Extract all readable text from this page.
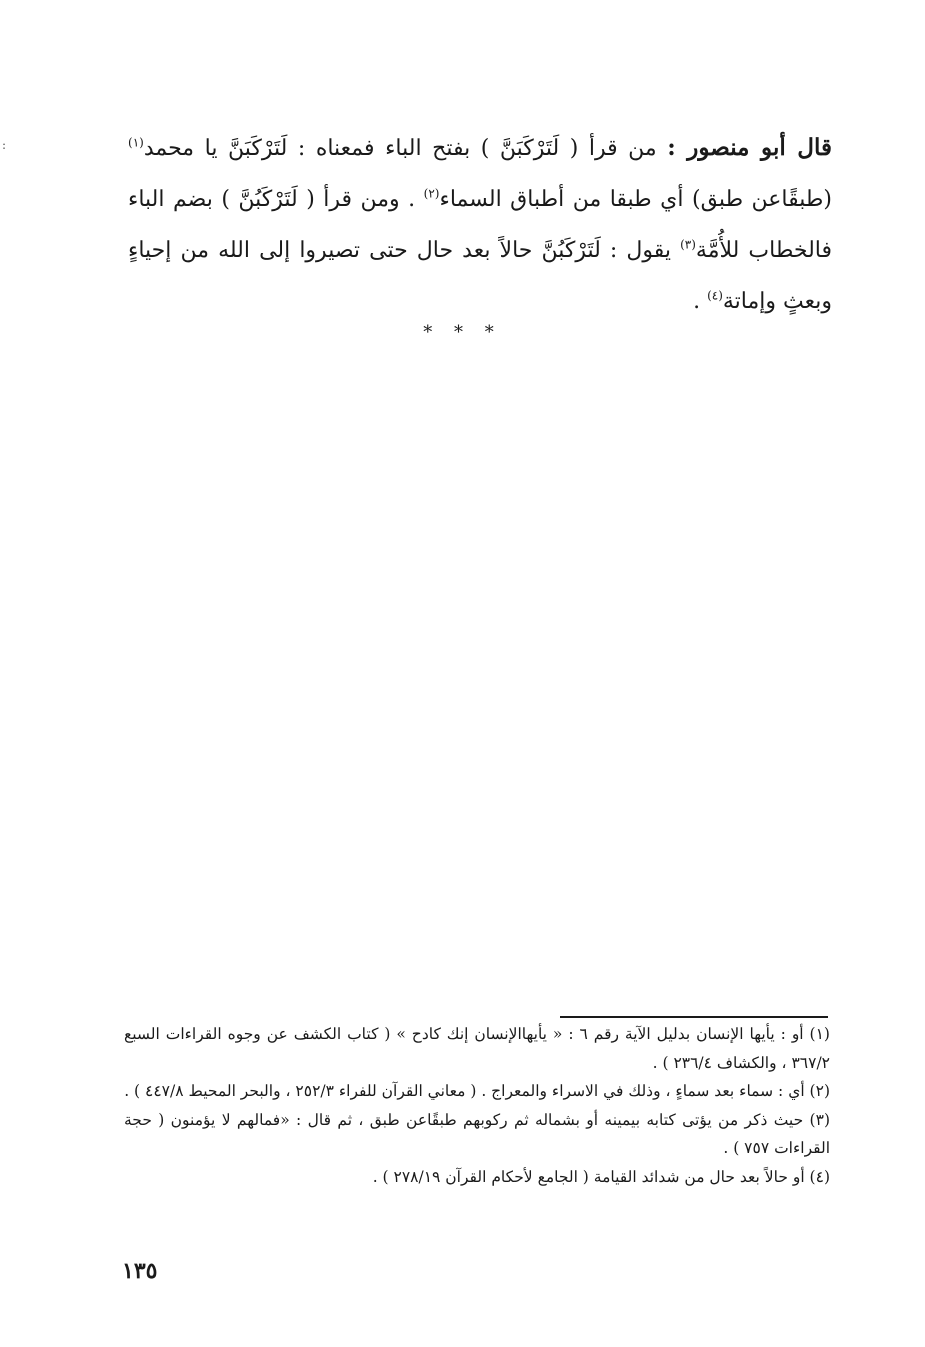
:	قال أبو منصور : من قرأ ( لَتَرْكَبَنَّ ) بفتح الباء فمعناه : لَتَرْكَبَنَّ يا محمد$^{(١)}$ (طبقًاعن طبق) أي طبقا من أطباق السماء$^{(٢)}$ . ومن قرأ ( لَتَرْكَبُنَّ ) بضم الباء فالخطاب للأُمَّة$^{(٣)}$ يقول : لَتَرْكَبُنَّ حالاً بعد حال حتى تصيروا إلى الله من إحياءٍ وبعثٍ وإماتة$^{(٤)}$ .

* * *

(١) أو : يأيها الإنسان بدليل الآية رقم ٦ : « يأيهاالإنسان إنك كادح » ( كتاب الكشف عن وجوه القراءات السبع ٣٦٧/٢ ، والكشاف ٢٣٦/٤ ) .

(٢) أي : سماء بعد سماءٍ ، وذلك في الاسراء والمعراج . ( معاني القرآن للفراء ٢٥٢/٣ ، والبحر المحيط ٤٤٧/٨ ) .

(٣) حيث ذكر من يؤتى كتابه بيمينه أو بشماله ثم ركوبهم طبقًاعن طبق ، ثم قال : «فمالهم لا يؤمنون ( حجة القراءات ٧٥٧ ) .

(٤) أو حالاً بعد حال من شدائد القيامة ( الجامع لأحكام القرآن ٢٧٨/١٩ ) .

١٣٥
